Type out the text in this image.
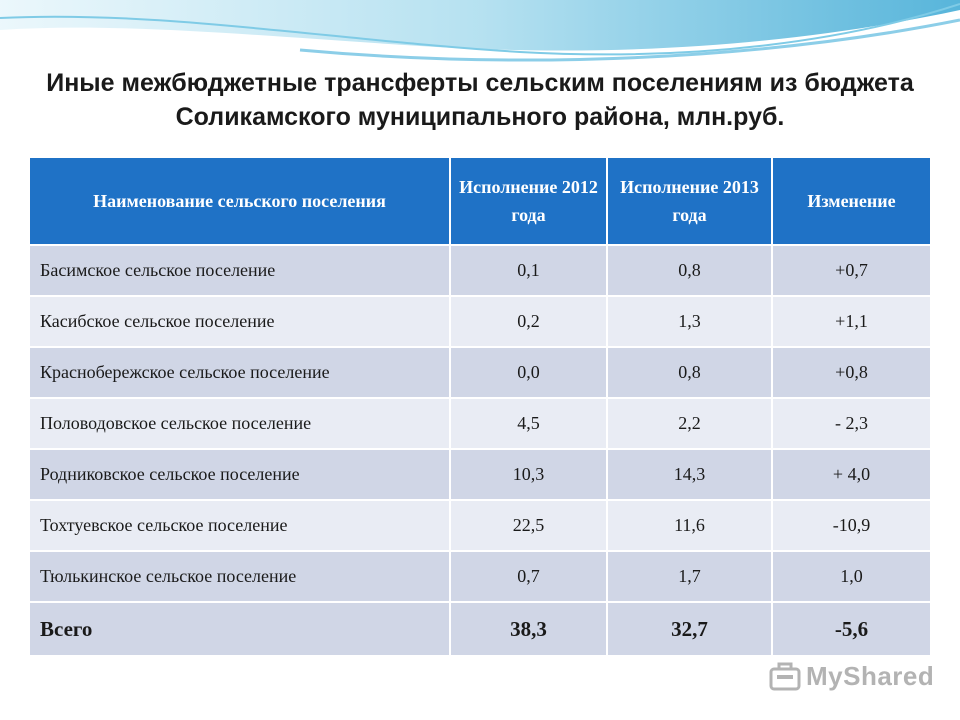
Иные межбюджетные трансферты сельским поселениям из бюджета Соликамского муниципального района, млн.руб.
Наименование сельского поселения	Исполнение 2012 года	Исполнение 2013 года	Изменение
Басимское сельское поселение	0,1	0,8	+0,7
Касибское сельское поселение	0,2	1,3	+1,1
Краснобережское сельское поселение	0,0	0,8	+0,8
Половодовское сельское поселение	4,5	2,2	- 2,3
Родниковское сельское поселение	10,3	14,3	+ 4,0
Тохтуевское сельское поселение	22,5	11,6	-10,9
Тюлькинское сельское поселение	0,7	1,7	1,0
Всего	38,3	32,7	-5,6
MyShared
